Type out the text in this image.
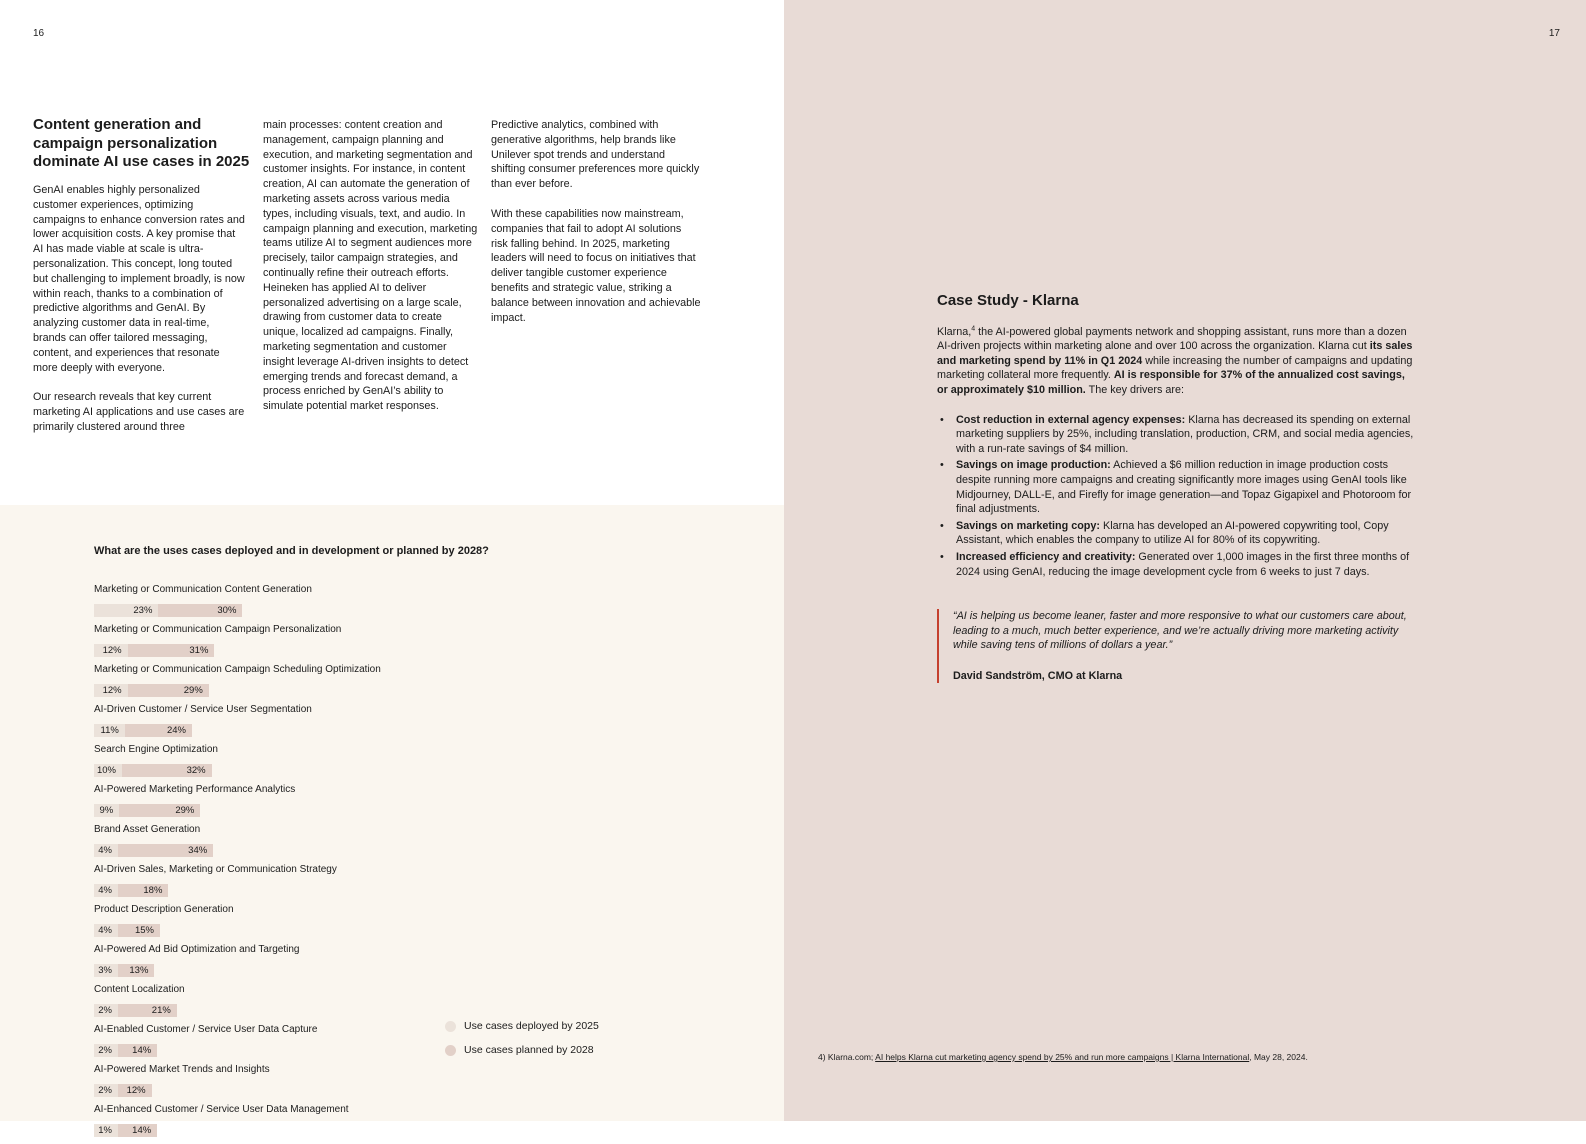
16
Content generation and campaign personalization dominate AI use cases in 2025

GenAI enables highly personalized customer experiences, optimizing campaigns to enhance conversion rates and lower acquisition costs. A key promise that AI has made viable at scale is ultra-personalization. This concept, long touted but challenging to implement broadly, is now within reach, thanks to a combination of predictive algorithms and GenAI. By analyzing customer data in real-time, brands can offer tailored messaging, content, and experiences that resonate more deeply with everyone.

Our research reveals that key current marketing AI applications and use cases are primarily clustered around three

main processes: content creation and management, campaign planning and execution, and marketing segmentation and customer insights. For instance, in content creation, AI can automate the generation of marketing assets across various media types, including visuals, text, and audio. In campaign planning and execution, marketing teams utilize AI to segment audiences more precisely, tailor campaign strategies, and continually refine their outreach efforts. Heineken has applied AI to deliver personalized advertising on a large scale, drawing from customer data to create unique, localized ad campaigns. Finally, marketing segmentation and customer insight leverage AI-driven insights to detect emerging trends and forecast demand, a process enriched by GenAI’s ability to simulate potential market responses.

Predictive analytics, combined with generative algorithms, help brands like Unilever spot trends and understand shifting consumer preferences more quickly than ever before.

With these capabilities now mainstream, companies that fail to adopt AI solutions risk falling behind. In 2025, marketing leaders will need to focus on initiatives that deliver tangible customer experience benefits and strategic value, striking a balance between innovation and achievable impact.

What are the uses cases deployed and in development or planned by 2028?
Marketing or Communication Content Generation
23%	30%
Marketing or Communication Campaign Personalization
12%	31%
Marketing or Communication Campaign Scheduling Optimization
12%	29%
AI-Driven Customer / Service User Segmentation
11%	24%
Search Engine Optimization
10%	32%
AI-Powered Marketing Performance Analytics
9%	29%
Brand Asset Generation
4%	34%
AI-Driven Sales, Marketing or Communication Strategy
4%	18%
Product Description Generation
4% 15%
AI-Powered Ad Bid Optimization and Targeting
3% 13%
Content Localization
2%	21%
AI-Enabled Customer / Service User Data Capture
2% 14%
AI-Powered Market Trends and Insights
2% 12%
AI-Enhanced Customer / Service User Data Management
1% 14%
Use cases deployed by 2025
Use cases planned by 2028
17
Case Study - Klarna

Klarna,$^4$ the AI-powered global payments network and shopping assistant, runs more than a dozen AI-driven projects within marketing alone and over 100 across the organization. Klarna cut its sales and marketing spend by 11% in Q1 2024 while increasing the number of campaigns and updating marketing collateral more frequently. AI is responsible for 37% of the annualized cost savings, or approximately $10 million. The key drivers are:

• Cost reduction in external agency expenses: Klarna has decreased its spending on external marketing suppliers by 25%, including translation, production, CRM, and social media agencies, with a run-rate savings of $4 million.
• Savings on image production: Achieved a $6 million reduction in image production costs despite running more campaigns and creating significantly more images using GenAI tools like Midjourney, DALL-E, and Firefly for image generation—and Topaz Gigapixel and Photoroom for final adjustments.
• Savings on marketing copy: Klarna has developed an AI-powered copywriting tool, Copy Assistant, which enables the company to utilize AI for 80% of its copywriting.
• Increased efficiency and creativity: Generated over 1,000 images in the first three months of 2024 using GenAI, reducing the image development cycle from 6 weeks to just 7 days.

“AI is helping us become leaner, faster and more responsive to what our customers care about, leading to a much, much better experience, and we’re actually driving more marketing activity while saving tens of millions of dollars a year.”

David Sandström, CMO at Klarna
4) Klarna.com; AI helps Klarna cut marketing agency spend by 25% and run more campaigns | Klarna International, May 28, 2024.
